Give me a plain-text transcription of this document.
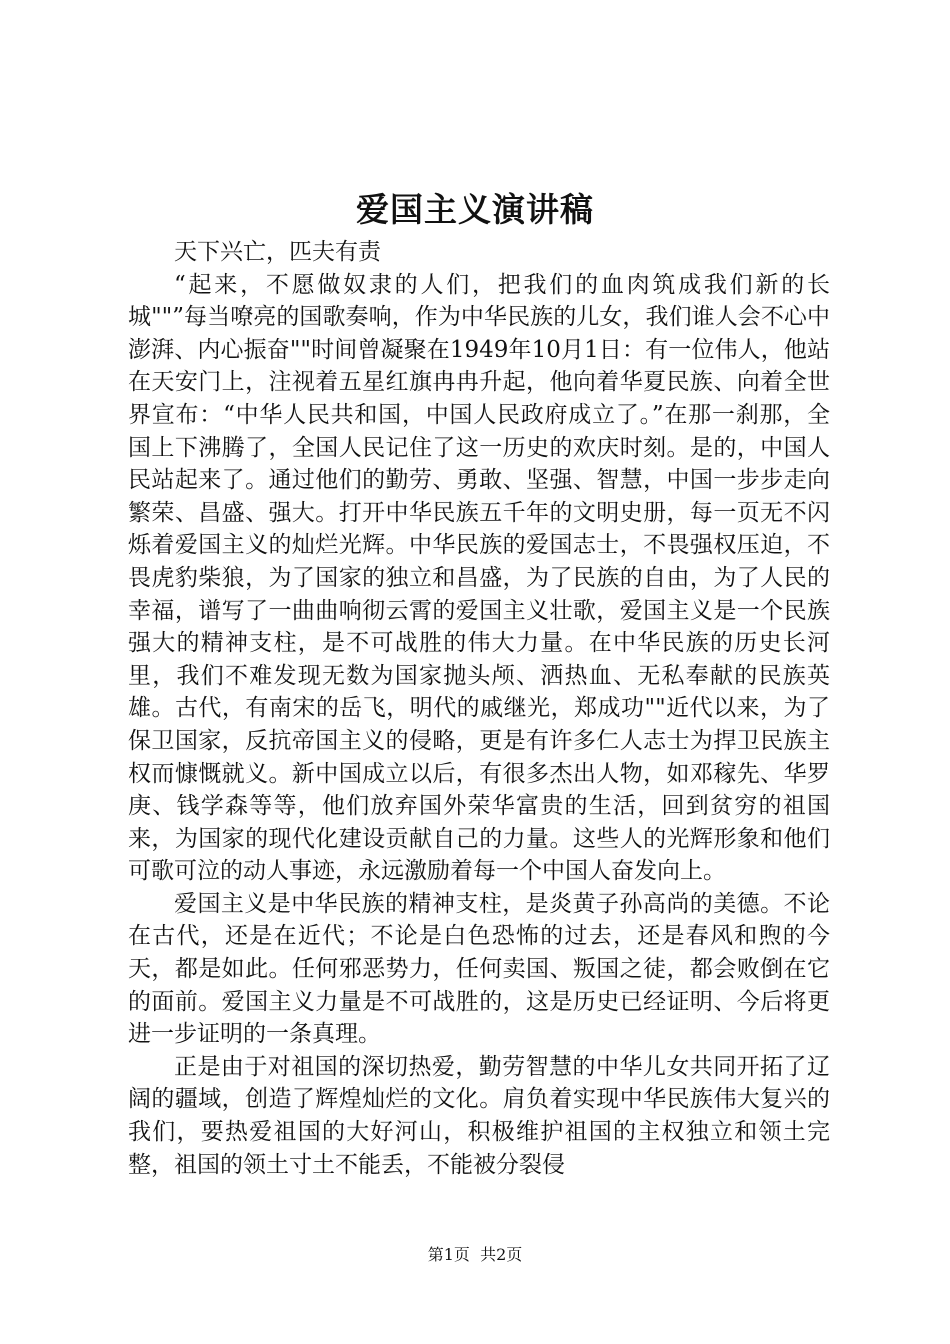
爱国主义演讲稿

天下兴亡，匹夫有责

“起来，不愿做奴隶的人们，把我们的血肉筑成我们新的长城""”每当嘹亮的国歌奏响，作为中华民族的儿女，我们谁人会不心中澎湃、内心振奋""时间曾凝聚在1949年10月1日：有一位伟人，他站在天安门上，注视着五星红旗冉冉升起，他向着华夏民族、向着全世界宣布：“中华人民共和国，中国人民政府成立了。”在那一刹那，全国上下沸腾了，全国人民记住了这一历史的欢庆时刻。是的，中国人民站起来了。通过他们的勤劳、勇敢、坚强、智慧，中国一步步走向繁荣、昌盛、强大。打开中华民族五千年的文明史册，每一页无不闪烁着爱国主义的灿烂光辉。中华民族的爱国志士，不畏强权压迫，不畏虎豹柴狼，为了国家的独立和昌盛，为了民族的自由，为了人民的幸福，谱写了一曲曲响彻云霄的爱国主义壮歌，爱国主义是一个民族强大的精神支柱，是不可战胜的伟大力量。在中华民族的历史长河里，我们不难发现无数为国家抛头颅、洒热血、无私奉献的民族英雄。古代，有南宋的岳飞，明代的戚继光，郑成功""近代以来，为了保卫国家，反抗帝国主义的侵略，更是有许多仁人志士为捍卫民族主权而慷慨就义。新中国成立以后，有很多杰出人物，如邓稼先、华罗庚、钱学森等等，他们放弃国外荣华富贵的生活，回到贫穷的祖国来，为国家的现代化建设贡献自己的力量。这些人的光辉形象和他们可歌可泣的动人事迹，永远激励着每一个中国人奋发向上。

爱国主义是中华民族的精神支柱，是炎黄子孙高尚的美德。不论在古代，还是在近代；不论是白色恐怖的过去，还是春风和煦的今天，都是如此。任何邪恶势力，任何卖国、叛国之徒，都会败倒在它的面前。爱国主义力量是不可战胜的，这是历史已经证明、今后将更进一步证明的一条真理。

正是由于对祖国的深切热爱，勤劳智慧的中华儿女共同开拓了辽阔的疆域，创造了辉煌灿烂的文化。肩负着实现中华民族伟大复兴的我们，要热爱祖国的大好河山，积极维护祖国的主权独立和领土完整，祖国的领土寸土不能丢，不能被分裂侵

第1页 共2页
